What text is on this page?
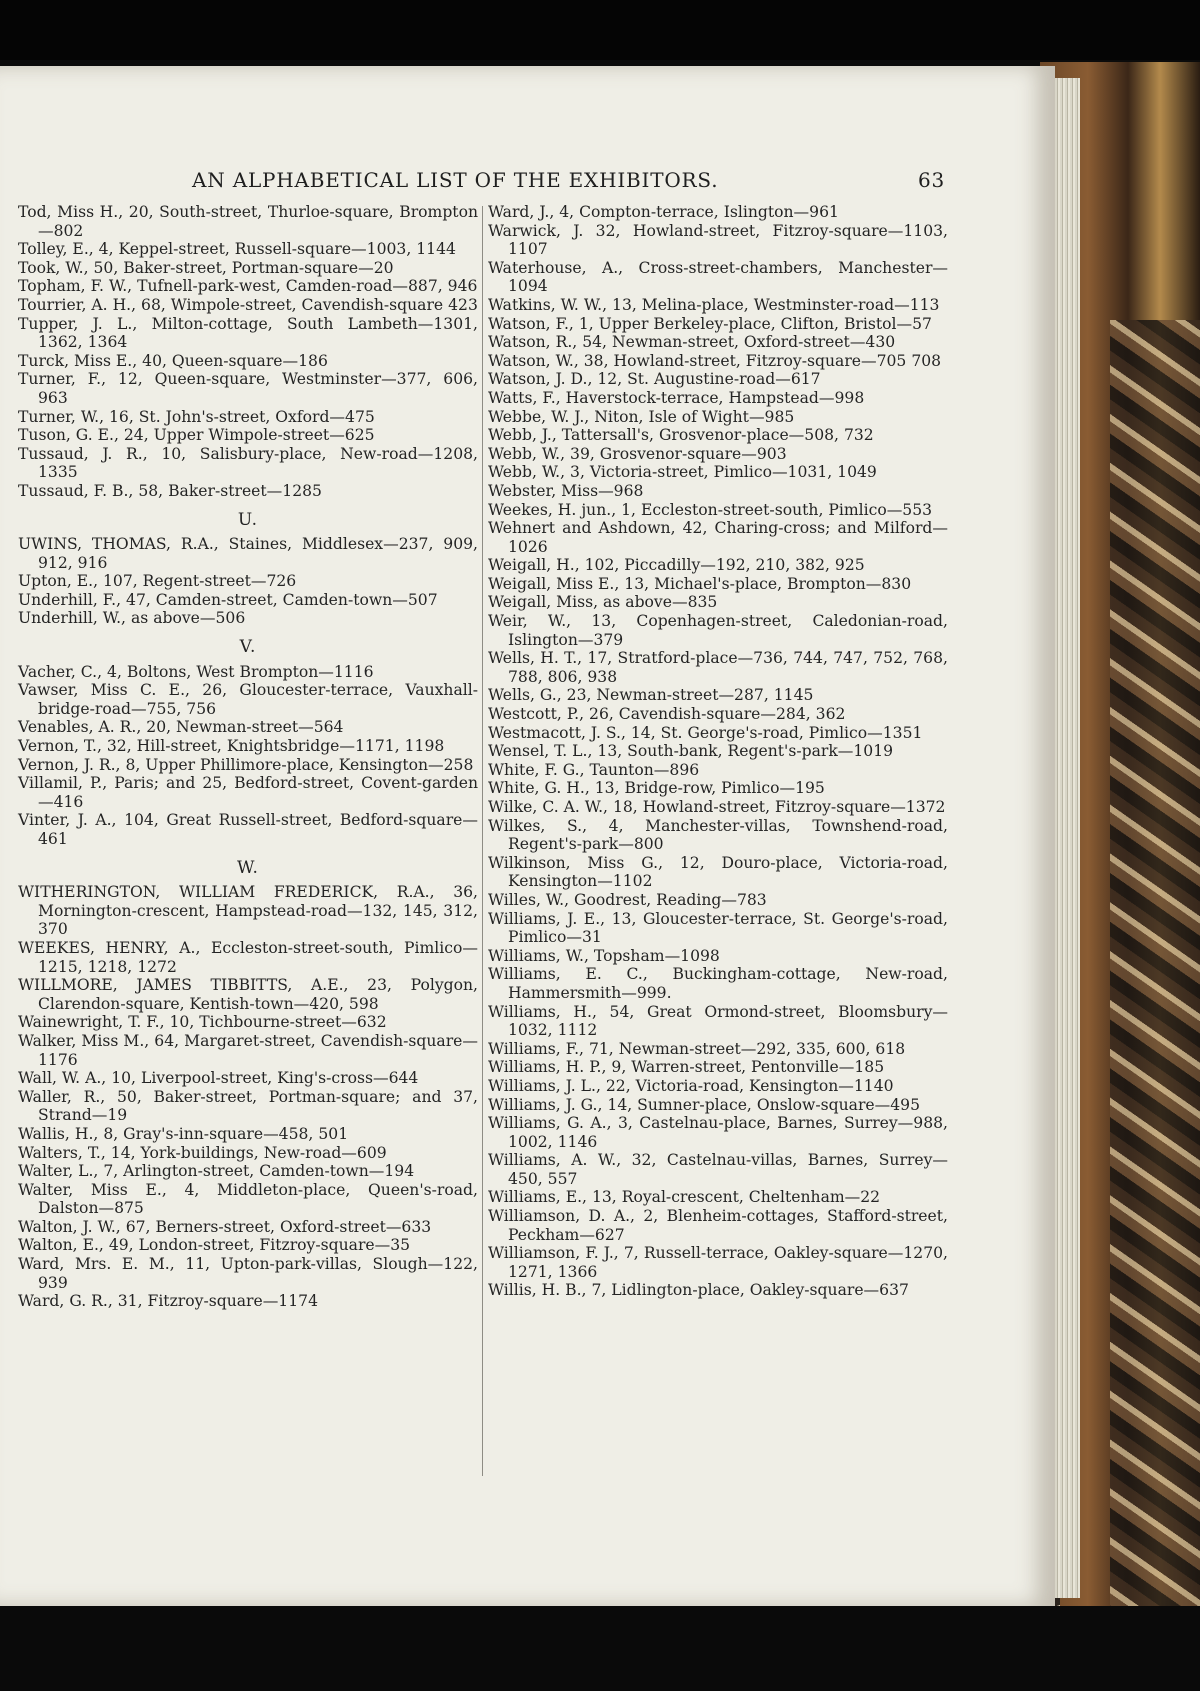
AN ALPHABETICAL LIST OF THE EXHIBITORS.	63

Tod, Miss H., 20, South-street, Thurloe-square, Brompton—802

Tolley, E., 4, Keppel-street, Russell-square—1003, 1144

Took, W., 50, Baker-street, Portman-square—20

Topham, F. W., Tufnell-park-west, Camden-road—887, 946

Tourrier, A. H., 68, Wimpole-street, Cavendish-square 423

Tupper, J. L., Milton-cottage, South Lambeth—1301, 1362, 1364

Turck, Miss E., 40, Queen-square—186

Turner, F., 12, Queen-square, Westminster—377, 606, 963

Turner, W., 16, St. John's-street, Oxford—475

Tuson, G. E., 24, Upper Wimpole-street—625

Tussaud, J. R., 10, Salisbury-place, New-road—1208, 1335

Tussaud, F. B., 58, Baker-street—1285

U.

UWINS, THOMAS, R.A., Staines, Middlesex—237, 909, 912, 916

Upton, E., 107, Regent-street—726

Underhill, F., 47, Camden-street, Camden-town—507

Underhill, W., as above—506

V.

Vacher, C., 4, Boltons, West Brompton—1116

Vawser, Miss C. E., 26, Gloucester-terrace, Vauxhall-bridge-road—755, 756

Venables, A. R., 20, Newman-street—564

Vernon, T., 32, Hill-street, Knightsbridge—1171, 1198

Vernon, J. R., 8, Upper Phillimore-place, Kensington—258

Villamil, P., Paris; and 25, Bedford-street, Covent-garden—416

Vinter, J. A., 104, Great Russell-street, Bedford-square—461

W.

WITHERINGTON, WILLIAM FREDERICK, R.A., 36, Mornington-crescent, Hampstead-road—132, 145, 312, 370

WEEKES, HENRY, A., Eccleston-street-south, Pimlico—1215, 1218, 1272

WILLMORE, JAMES TIBBITTS, A.E., 23, Polygon, Clarendon-square, Kentish-town—420, 598

Wainewright, T. F., 10, Tichbourne-street—632

Walker, Miss M., 64, Margaret-street, Cavendish-square—1176

Wall, W. A., 10, Liverpool-street, King's-cross—644

Waller, R., 50, Baker-street, Portman-square; and 37, Strand—19

Wallis, H., 8, Gray's-inn-square—458, 501

Walters, T., 14, York-buildings, New-road—609

Walter, L., 7, Arlington-street, Camden-town—194

Walter, Miss E., 4, Middleton-place, Queen's-road, Dalston—875

Walton, J. W., 67, Berners-street, Oxford-street—633

Walton, E., 49, London-street, Fitzroy-square—35

Ward, Mrs. E. M., 11, Upton-park-villas, Slough—122, 939

Ward, G. R., 31, Fitzroy-square—1174

Ward, J., 4, Compton-terrace, Islington—961

Warwick, J. 32, Howland-street, Fitzroy-square—1103, 1107

Waterhouse, A., Cross-street-chambers, Manchester—1094

Watkins, W. W., 13, Melina-place, Westminster-road—113

Watson, F., 1, Upper Berkeley-place, Clifton, Bristol—57

Watson, R., 54, Newman-street, Oxford-street—430

Watson, W., 38, Howland-street, Fitzroy-square—705 708

Watson, J. D., 12, St. Augustine-road—617

Watts, F., Haverstock-terrace, Hampstead—998

Webbe, W. J., Niton, Isle of Wight—985

Webb, J., Tattersall's, Grosvenor-place—508, 732

Webb, W., 39, Grosvenor-square—903

Webb, W., 3, Victoria-street, Pimlico—1031, 1049

Webster, Miss—968

Weekes, H. jun., 1, Eccleston-street-south, Pimlico—553

Wehnert and Ashdown, 42, Charing-cross; and Milford—1026

Weigall, H., 102, Piccadilly—192, 210, 382, 925

Weigall, Miss E., 13, Michael's-place, Brompton—830

Weigall, Miss, as above—835

Weir, W., 13, Copenhagen-street, Caledonian-road, Islington—379

Wells, H. T., 17, Stratford-place—736, 744, 747, 752, 768, 788, 806, 938

Wells, G., 23, Newman-street—287, 1145

Westcott, P., 26, Cavendish-square—284, 362

Westmacott, J. S., 14, St. George's-road, Pimlico—1351

Wensel, T. L., 13, South-bank, Regent's-park—1019

White, F. G., Taunton—896

White, G. H., 13, Bridge-row, Pimlico—195

Wilke, C. A. W., 18, Howland-street, Fitzroy-square—1372

Wilkes, S., 4, Manchester-villas, Townshend-road, Regent's-park—800

Wilkinson, Miss G., 12, Douro-place, Victoria-road, Kensington—1102

Willes, W., Goodrest, Reading—783

Williams, J. E., 13, Gloucester-terrace, St. George's-road, Pimlico—31

Williams, W., Topsham—1098

Williams, E. C., Buckingham-cottage, New-road, Hammersmith—999.

Williams, H., 54, Great Ormond-street, Bloomsbury—1032, 1112

Williams, F., 71, Newman-street—292, 335, 600, 618

Williams, H. P., 9, Warren-street, Pentonville—185

Williams, J. L., 22, Victoria-road, Kensington—1140

Williams, J. G., 14, Sumner-place, Onslow-square—495

Williams, G. A., 3, Castelnau-place, Barnes, Surrey—988, 1002, 1146

Williams, A. W., 32, Castelnau-villas, Barnes, Surrey—450, 557

Williams, E., 13, Royal-crescent, Cheltenham—22

Williamson, D. A., 2, Blenheim-cottages, Stafford-street, Peckham—627

Williamson, F. J., 7, Russell-terrace, Oakley-square—1270, 1271, 1366

Willis, H. B., 7, Lidlington-place, Oakley-square—637
